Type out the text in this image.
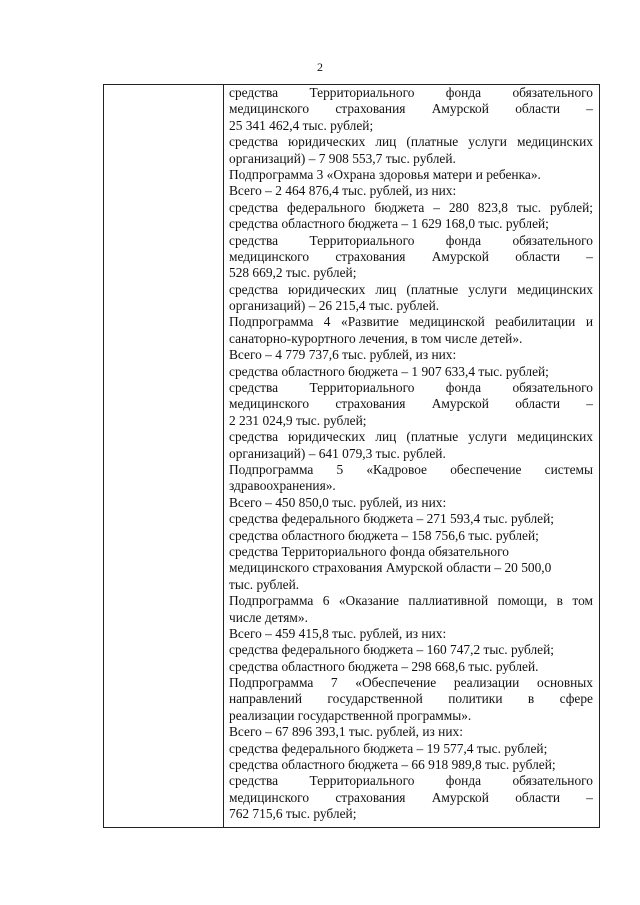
2
средства Территориального фонда обязательного
медицинского страхования Амурской области –
25 341 462,4 тыс. рублей;
средства юридических лиц (платные услуги медицинских
организаций) – 7 908 553,7 тыс. рублей.
Подпрограмма 3 «Охрана здоровья матери и ребенка».
Всего – 2 464 876,4 тыс. рублей, из них:
средства федерального бюджета – 280 823,8 тыс. рублей;
средства областного бюджета – 1 629 168,0 тыс. рублей;
средства Территориального фонда обязательного
медицинского страхования Амурской области –
528 669,2 тыс. рублей;
средства юридических лиц (платные услуги медицинских
организаций) – 26 215,4 тыс. рублей.
Подпрограмма 4 «Развитие медицинской реабилитации и
санаторно-курортного лечения, в том числе детей».
Всего – 4 779 737,6 тыс. рублей, из них:
средства областного бюджета – 1 907 633,4 тыс. рублей;
средства Территориального фонда обязательного
медицинского страхования Амурской области –
2 231 024,9 тыс. рублей;
средства юридических лиц (платные услуги медицинских
организаций) – 641 079,3 тыс. рублей.
Подпрограмма 5 «Кадровое обеспечение системы
здравоохранения».
Всего – 450 850,0 тыс. рублей, из них:
средства федерального бюджета – 271 593,4 тыс. рублей;
средства областного бюджета – 158 756,6 тыс. рублей;
средства Территориального фонда обязательного
медицинского страхования Амурской области – 20 500,0
тыс. рублей.
Подпрограмма 6 «Оказание паллиативной помощи, в том
числе детям».
Всего – 459 415,8 тыс. рублей, из них:
средства федерального бюджета – 160 747,2 тыс. рублей;
средства областного бюджета – 298 668,6 тыс. рублей.
Подпрограмма 7 «Обеспечение реализации основных
направлений государственной политики в сфере
реализации государственной программы».
Всего – 67 896 393,1 тыс. рублей, из них:
средства федерального бюджета – 19 577,4 тыс. рублей;
средства областного бюджета – 66 918 989,8 тыс. рублей;
средства Территориального фонда обязательного
медицинского страхования Амурской области –
762 715,6 тыс. рублей;
